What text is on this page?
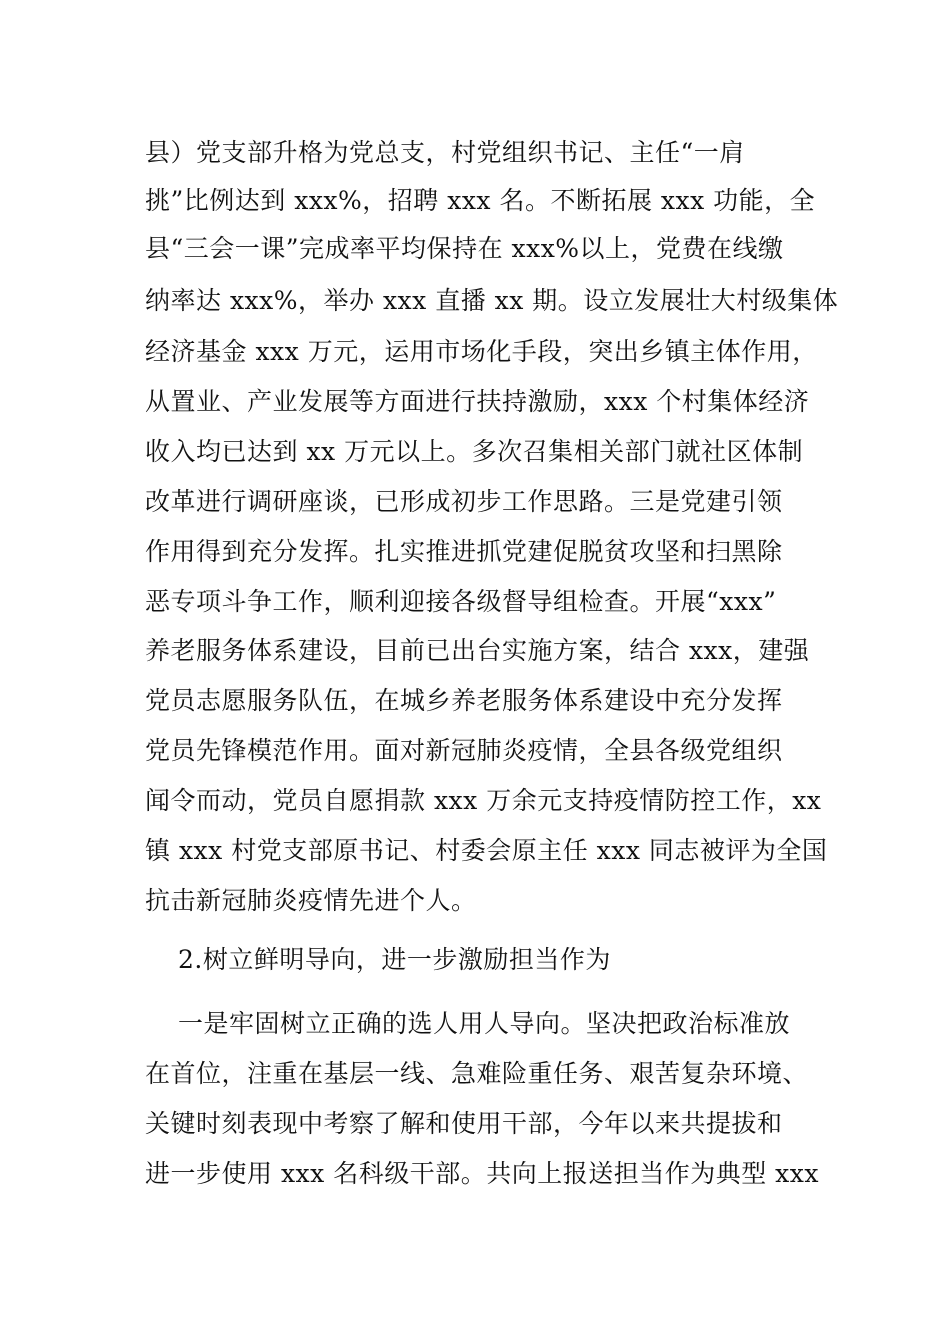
县）党支部升格为党总支，村党组织书记、主任“一肩
挑”比例达到 xxx%，招聘 xxx 名。不断拓展 xxx 功能，全
县“三会一课”完成率平均保持在 xxx%以上，党费在线缴
纳率达 xxx%，举办 xxx 直播 xx 期。设立发展壮大村级集体
经济基金 xxx 万元，运用市场化手段，突出乡镇主体作用，
从置业、产业发展等方面进行扶持激励，xxx 个村集体经济
收入均已达到 xx 万元以上。多次召集相关部门就社区体制
改革进行调研座谈，已形成初步工作思路。三是党建引领
作用得到充分发挥。扎实推进抓党建促脱贫攻坚和扫黑除
恶专项斗争工作，顺利迎接各级督导组检查。开展“xxx”
养老服务体系建设，目前已出台实施方案，结合 xxx，建强
党员志愿服务队伍，在城乡养老服务体系建设中充分发挥
党员先锋模范作用。面对新冠肺炎疫情，全县各级党组织
闻令而动，党员自愿捐款 xxx 万余元支持疫情防控工作，xx
镇 xxx 村党支部原书记、村委会原主任 xxx 同志被评为全国
抗击新冠肺炎疫情先进个人。
2.树立鲜明导向，进一步激励担当作为
一是牢固树立正确的选人用人导向。坚决把政治标准放
在首位，注重在基层一线、急难险重任务、艰苦复杂环境、
关键时刻表现中考察了解和使用干部，今年以来共提拔和
进一步使用 xxx 名科级干部。共向上报送担当作为典型 xxx
